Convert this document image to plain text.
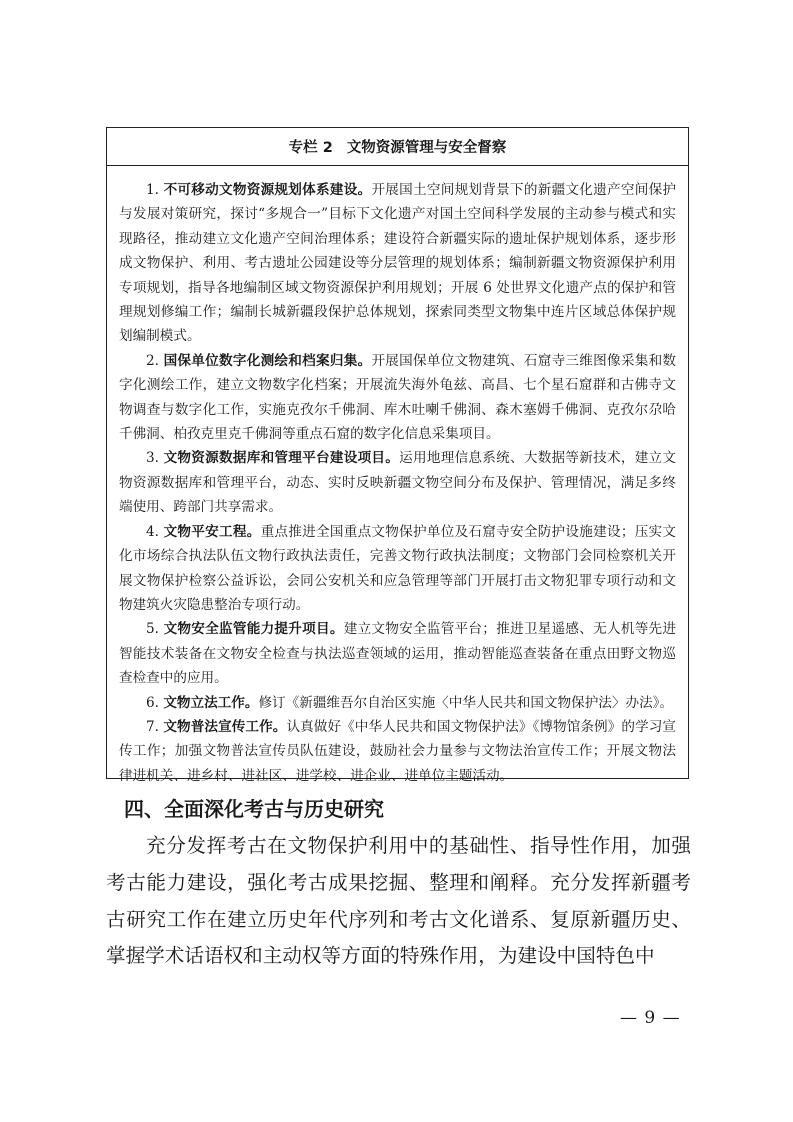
专栏 2 文物资源管理与安全督察

1. 不可移动文物资源规划体系建设。开展国土空间规划背景下的新疆文化遗产空间保护与发展对策研究，探讨“多规合一”目标下文化遗产对国土空间科学发展的主动参与模式和实现路径，推动建立文化遗产空间治理体系；建设符合新疆实际的遗址保护规划体系，逐步形成文物保护、利用、考古遗址公园建设等分层管理的规划体系；编制新疆文物资源保护利用专项规划，指导各地编制区域文物资源保护利用规划；开展 6 处世界文化遗产点的保护和管理规划修编工作；编制长城新疆段保护总体规划，探索同类型文物集中连片区域总体保护规划编制模式。

2. 国保单位数字化测绘和档案归集。开展国保单位文物建筑、石窟寺三维图像采集和数字化测绘工作，建立文物数字化档案；开展流失海外龟兹、高昌、七个星石窟群和古佛寺文物调查与数字化工作，实施克孜尔千佛洞、库木吐喇千佛洞、森木塞姆千佛洞、克孜尔尕哈千佛洞、柏孜克里克千佛洞等重点石窟的数字化信息采集项目。

3. 文物资源数据库和管理平台建设项目。运用地理信息系统、大数据等新技术，建立文物资源数据库和管理平台，动态、实时反映新疆文物空间分布及保护、管理情况，满足多终端使用、跨部门共享需求。

4. 文物平安工程。重点推进全国重点文物保护单位及石窟寺安全防护设施建设；压实文化市场综合执法队伍文物行政执法责任，完善文物行政执法制度；文物部门会同检察机关开展文物保护检察公益诉讼，会同公安机关和应急管理等部门开展打击文物犯罪专项行动和文物建筑火灾隐患整治专项行动。

5. 文物安全监管能力提升项目。建立文物安全监管平台；推进卫星遥感、无人机等先进智能技术装备在文物安全检查与执法巡查领域的运用，推动智能巡查装备在重点田野文物巡查检查中的应用。

6. 文物立法工作。修订《新疆维吾尔自治区实施〈中华人民共和国文物保护法〉办法》。

7. 文物普法宣传工作。认真做好《中华人民共和国文物保护法》《博物馆条例》的学习宣传工作；加强文物普法宣传员队伍建设，鼓励社会力量参与文物法治宣传工作；开展文物法律进机关、进乡村、进社区、进学校、进企业、进单位主题活动。

四、全面深化考古与历史研究

充分发挥考古在文物保护利用中的基础性、指导性作用，加强考古能力建设，强化考古成果挖掘、整理和阐释。充分发挥新疆考古研究工作在建立历史年代序列和考古文化谱系、复原新疆历史、掌握学术话语权和主动权等方面的特殊作用，为建设中国特色中

— 9 —
